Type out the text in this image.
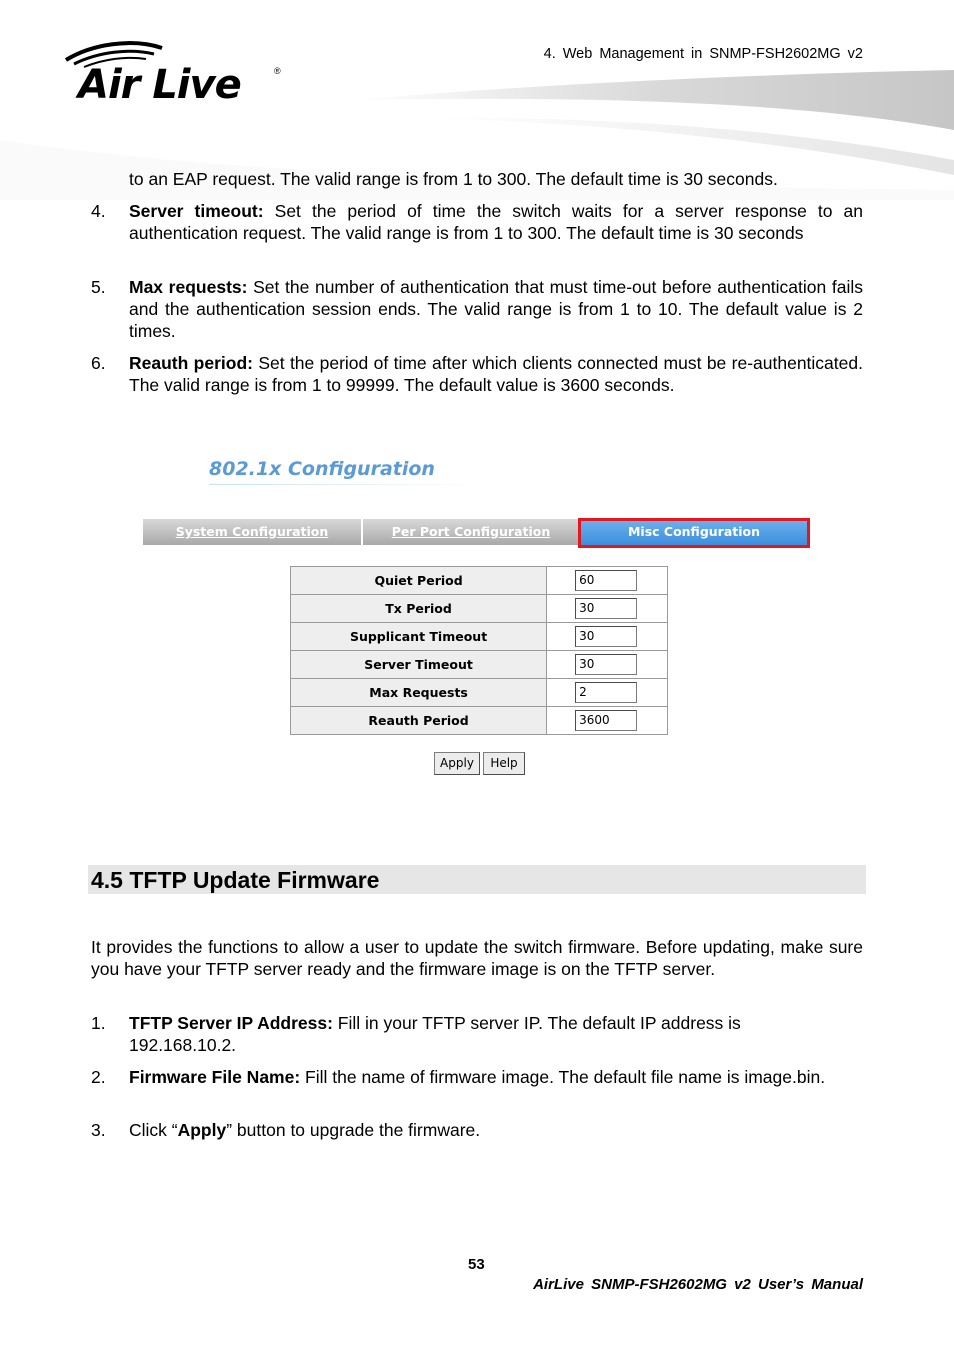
Air Live	®
4. Web Management in SNMP-FSH2602MG v2
to an EAP request. The valid range is from 1 to 300. The default time is 30 seconds.
4. Server timeout: Set the period of time the switch waits for a server response to an authentication request. The valid range is from 1 to 300. The default time is 30 seconds
5. Max requests: Set the number of authentication that must time-out before authentication fails and the authentication session ends. The valid range is from 1 to 10. The default value is 2 times.
6. Reauth period: Set the period of time after which clients connected must be re-authenticated. The valid range is from 1 to 99999. The default value is 3600 seconds.
802.1x Configuration
System Configuration	Per Port Configuration	Misc Configuration
Quiet Period	60

Tx Period	30

Supplicant Timeout	30

Server Timeout	30

Max Requests	2

Reauth Period	3600
Apply	Help
4.5 TFTP Update Firmware
It provides the functions to allow a user to update the switch firmware. Before updating, make sure you have your TFTP server ready and the firmware image is on the TFTP server.
1. TFTP Server IP Address: Fill in your TFTP server IP. The default IP address is 192.168.10.2.
2. Firmware File Name: Fill the name of firmware image. The default file name is image.bin.
3. Click “Apply” button to upgrade the firmware.
53
AirLive SNMP-FSH2602MG v2 User’s Manual
